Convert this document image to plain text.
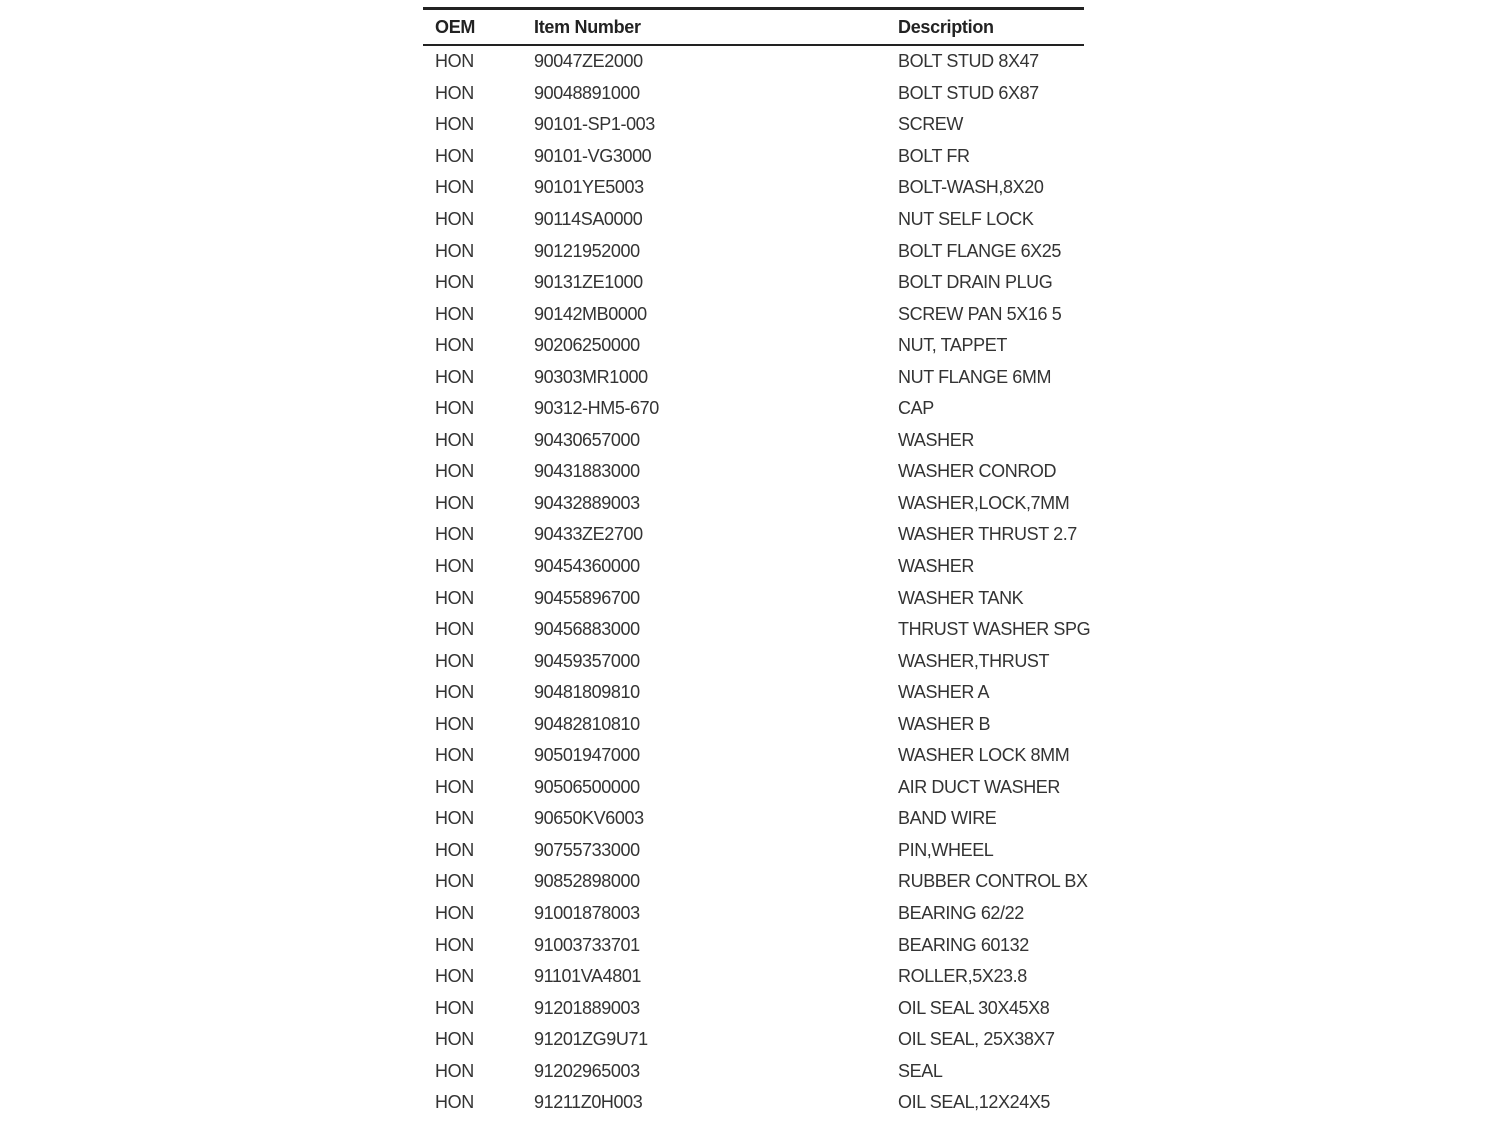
OEM	Item Number	Description
HON	90047ZE2000	BOLT STUD 8X47
HON	90048891000	BOLT STUD 6X87
HON	90101-SP1-003	SCREW
HON	90101-VG3000	BOLT FR
HON	90101YE5003	BOLT-WASH,8X20
HON	90114SA0000	NUT SELF LOCK
HON	90121952000	BOLT FLANGE 6X25
HON	90131ZE1000	BOLT DRAIN PLUG
HON	90142MB0000	SCREW PAN 5X16 5
HON	90206250000	NUT, TAPPET
HON	90303MR1000	NUT FLANGE 6MM
HON	90312-HM5-670	CAP
HON	90430657000	WASHER
HON	90431883000	WASHER CONROD
HON	90432889003	WASHER,LOCK,7MM
HON	90433ZE2700	WASHER THRUST 2.7
HON	90454360000	WASHER
HON	90455896700	WASHER TANK
HON	90456883000	THRUST WASHER SPG
HON	90459357000	WASHER,THRUST
HON	90481809810	WASHER A
HON	90482810810	WASHER B
HON	90501947000	WASHER LOCK 8MM
HON	90506500000	AIR DUCT WASHER
HON	90650KV6003	BAND WIRE
HON	90755733000	PIN,WHEEL
HON	90852898000	RUBBER CONTROL BX
HON	91001878003	BEARING 62/22
HON	91003733701	BEARING 60132
HON	91101VA4801	ROLLER,5X23.8
HON	91201889003	OIL SEAL 30X45X8
HON	91201ZG9U71	OIL SEAL, 25X38X7
HON	91202965003	SEAL
HON	91211Z0H003	OIL SEAL,12X24X5
